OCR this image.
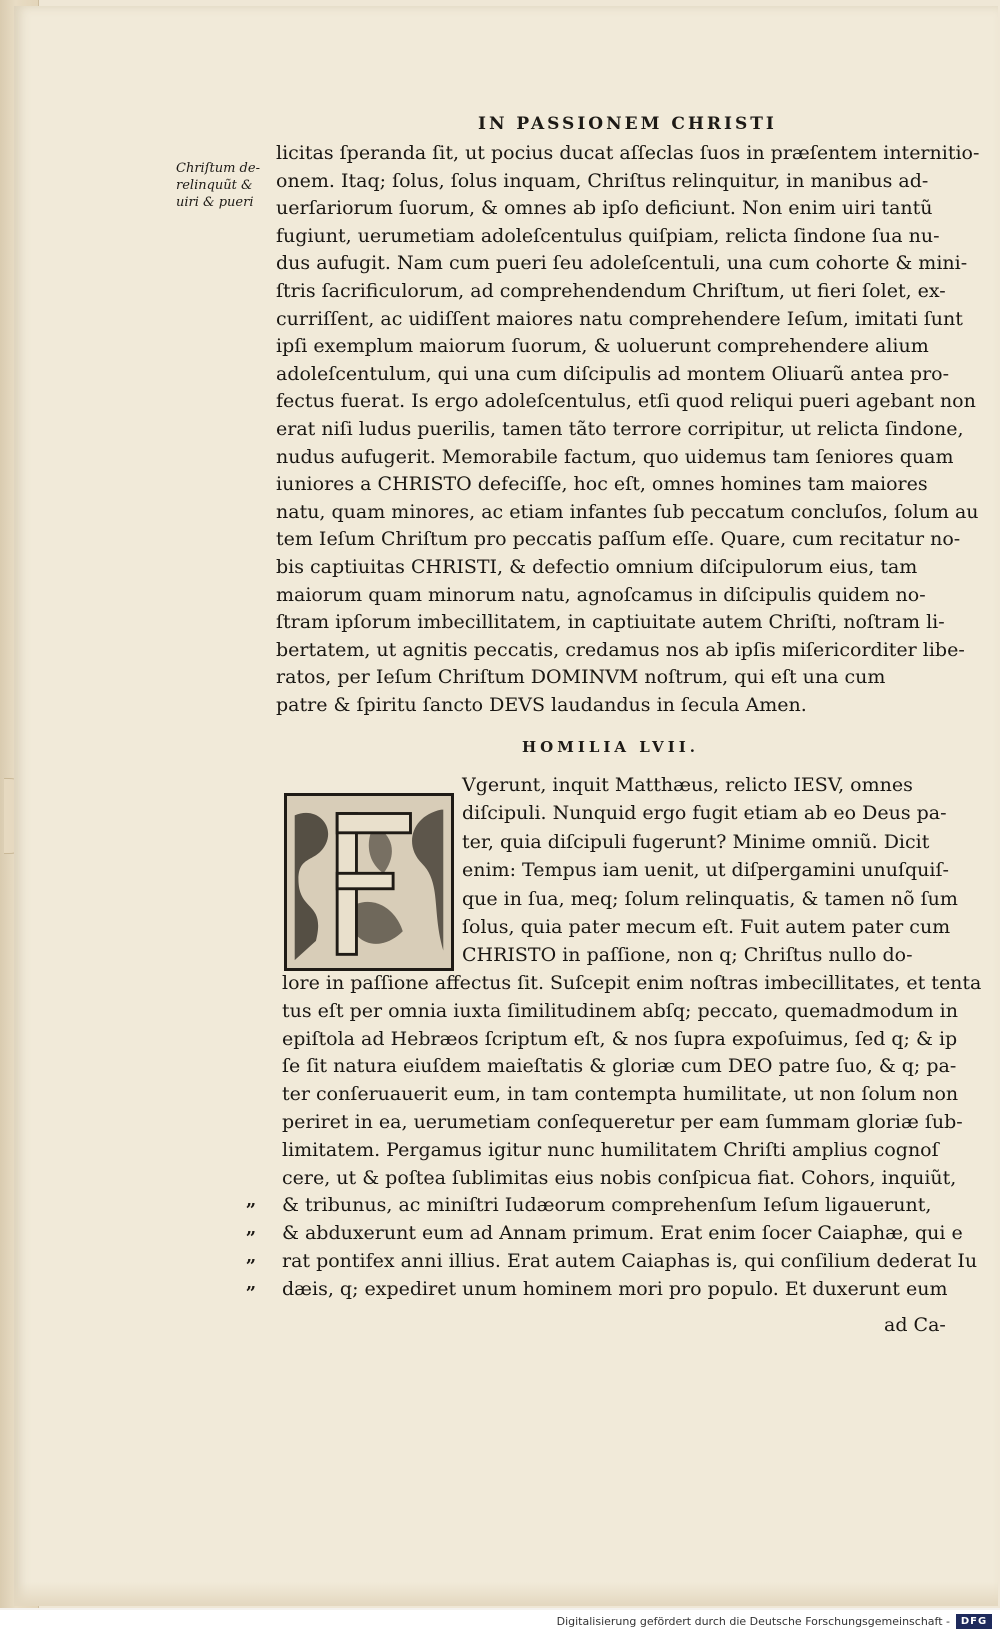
IN PASSIONEM CHRISTI
Chriſtum de-
relinquũt &
uiri & pueri
licitas ſperanda ſit, ut pocius ducat aſſeclas ſuos in præſentem internitio-
onem. Itaq; ſolus, ſolus inquam, Chriſtus relinquitur, in manibus ad-
uerſariorum ſuorum, & omnes ab ipſo deficiunt. Non enim uiri tantũ
fugiunt, uerumetiam adoleſcentulus quiſpiam, relicta ſindone ſua nu-
dus aufugit. Nam cum pueri ſeu adoleſcentuli, una cum cohorte & mini-
ſtris ſacrificulorum, ad comprehendendum Chriſtum, ut fieri ſolet, ex-
curriſſent, ac uidiſſent maiores natu comprehendere Ieſum, imitati ſunt
ipſi exemplum maiorum ſuorum, & uoluerunt comprehendere alium
adoleſcentulum, qui una cum diſcipulis ad montem Oliuarũ antea pro-
fectus fuerat. Is ergo adoleſcentulus, etſi quod reliqui pueri agebant non
erat niſi ludus puerilis, tamen tãto terrore corripitur, ut relicta ſindone,
nudus aufugerit. Memorabile factum, quo uidemus tam ſeniores quam
iuniores a CHRISTO defeciſſe, hoc eſt, omnes homines tam maiores
natu, quam minores, ac etiam infantes ſub peccatum concluſos, ſolum au
tem Ieſum Chriſtum pro peccatis paſſum eſſe. Quare, cum recitatur no-
bis captiuitas CHRISTI, & defectio omnium diſcipulorum eius, tam
maiorum quam minorum natu, agnoſcamus in diſcipulis quidem no-
ſtram ipſorum imbecillitatem, in captiuitate autem Chriſti, noſtram li-
bertatem, ut agnitis peccatis, credamus nos ab ipſis miſericorditer libe-
ratos, per Ieſum Chriſtum DOMINVM noſtrum, qui eſt una cum
patre & ſpiritu ſancto DEVS laudandus in ſecula Amen.
HOMILIA LVII.
Vgerunt, inquit Matthæus, relicto IESV, omnes
diſcipuli. Nunquid ergo fugit etiam ab eo Deus pa-
ter, quia diſcipuli fugerunt? Minime omniũ. Dicit
enim: Tempus iam uenit, ut diſpergamini unuſquiſ-
que in ſua, meq; ſolum relinquatis, & tamen nõ ſum
ſolus, quia pater mecum eſt. Fuit autem pater cum
CHRISTO in paſſione, non q; Chriſtus nullo do-
lore in paſſione affectus ſit. Suſcepit enim noſtras imbecillitates, et tenta
tus eſt per omnia iuxta ſimilitudinem abſq; peccato, quemadmodum in
epiſtola ad Hebræos ſcriptum eſt, & nos ſupra expoſuimus, ſed q; & ip
ſe ſit natura eiuſdem maieſtatis & gloriæ cum DEO patre ſuo, & q; pa-
ter conſeruauerit eum, in tam contempta humilitate, ut non ſolum non
periret in ea, uerumetiam conſequeretur per eam ſummam gloriæ ſub-
limitatem. Pergamus igitur nunc humilitatem Chriſti amplius cognoſ
cere, ut & poſtea ſublimitas eius nobis conſpicua fiat. Cohors, inquiũt,
& tribunus, ac miniſtri Iudæorum comprehenſum Ieſum ligauerunt,
& abduxerunt eum ad Annam primum. Erat enim ſocer Caiaphæ, qui e
rat pontifex anni illius. Erat autem Caiaphas is, qui conſilium dederat Iu
dæis, q; expediret unum hominem mori pro populo. Et duxerunt eum
„
„
„
„
ad Ca-
Digitalisierung gefördert durch die Deutsche Forschungsgemeinschaft -	DFG
